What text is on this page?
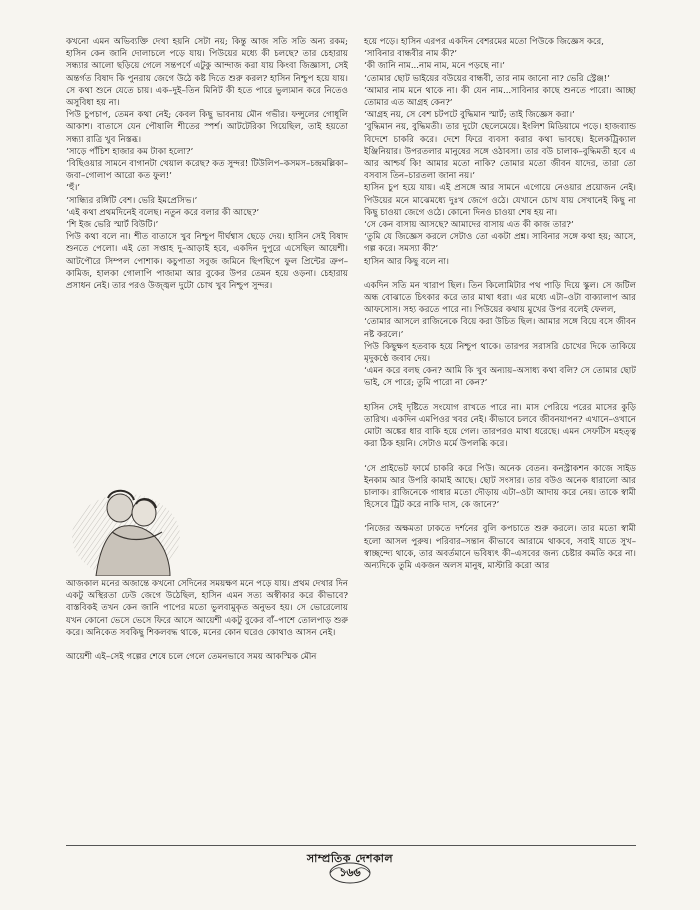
কখনো এমন অভিব্যক্তি দেখা হয়নি সেটা নয়; কিন্তু আজ সতি সতি অন্য রকম; হাসিন কেন জানি দোলাচলে পড়ে যায়। পিউয়ের মধ্যে কী চলছে? তার চেহারায় সন্ধ্যার আলো ছড়িয়ে গেলে সন্তপর্ণে এটুকু আন্দাজ করা যায় কিংবা জিজ্ঞাসা, সেই অন্তর্গত বিষাদ কি পুনরায় জেগে উঠে কষ্ট দিতে শুরু করল? হাসিন নিশ্চুপ হয়ে যায়। সে কথা শুনে যেতে চায়। এক–দুই–তিন মিনিট কী হতে পারে ভুল্যমান করে নিতেও অসুবিধা হয় না।

পিউ চুপচাপ, তেমন কথা নেই; কেবল কিছু ভাবনায় মৌন গভীর। ফন্সুলের গোধূলি আকাশ। বাতাসে যেন পৌষালি শীতের স্পর্শ। আটটেরিকা গিয়েছিল, তাই হয়তো সন্ধ্যা রাত্রি খুব নিস্তব্ধ।

‘সাড়ে পাঁচিশ হাজার কম টাকা হলো?’

‘বিছিওয়ার সামনে বাগানটা খেয়াল করেছ? কত সুন্দর! টিউলিপ–কসমস–চন্দ্রমল্লিকা–জবা–গোলাপ আরো কত ফুল!’

‘হুঁ।’

‘সান্ধ্যির রঙ্গিটি বেশ। ভেরি ইমপ্রেসিভ।’

‘এই কথা প্রথমদিনেই বলেছ। নতুন করে বলার কী আছে?’

‘শি ইজ ভেরি স্মার্ট বিউটি।’

পিউ কথা বলে না। শীত বাতাসে খুব নিশ্চুপ দীর্ঘশ্বাস ছেড়ে দেয়। হাসিন সেই বিষাদ শুনতে পেলো। এই তো সপ্তাহ দু–আড়াই হবে, একদিন দুপুরে এসেছিল আয়েশী। আটপৌরে সিম্পল পোশাক। কচুপাতা সবুজ জমিনে ছিপছিপে ফুল প্রিন্টের ত্রুপ–কামিজ, হালকা গোলাপি পাজামা আর বুকের উপর তেমন হয়ে ওড়না। চেহারায় প্রসাধন নেই। তার পরও উজ্জ্বল দুটো চোখ খুব নিশ্চুপ সুন্দর।

আজকাল মনের অজান্তে কখনো সেদিনের সময়ক্ষণ মনে পড়ে যায়। প্রথম দেখার দিন একটু অস্থিরতা ঢেউ জেগে উঠেছিল, হাসিন এমন সত্য অস্বীকার করে কীভাবে? বাস্তবিকই তখন কেন জানি পাপের মতো ভুলবামুকৃত অনুভব হয়। সে ভোরেলোয় যখন কোনো ভেসে ভেসে ফিরে আসে আয়েশী একটু বুকের বাঁ–পাশে তোলপাড় শুরু করে। অনিকেত সবকিছু শিকলবদ্ধ থাকে, মনের কোন ঘরেও কোথাও আসন নেই।

আয়েশী এই–সেই গল্পের শেষে চলে গেলে তেমনভাবে সময় আকস্মিক মৌন

হয়ে পড়ে। হাসিন এরপর একদিন বেশরমের মতো পিউকে জিজ্ঞেস করে,

‘সাবিনার বান্ধবীর নাম কী?’

‘কী জানি নাম...নাম নাম, মনে পড়ছে না।’

‘তোমার ছোট ভাইয়ের বউয়ের বান্ধবী, তার নাম জানো না? ভেরি স্ট্রেঞ্জ!’

‘আমার নাম মনে থাকে না। কী যেন নাম...সাবিনার কাছে শুনতে পারো। আচ্ছা তোমার এত আগ্রহ কেন?’

‘আগ্রহ নয়, সে বেশ চটপটে বুদ্ধিমান স্মার্ট; তাই জিজ্ঞেস করা।’

‘বুদ্ধিমান নয়, বুদ্ধিমতী। তার দুটো ছেলেমেয়ে। ইংলিশ মিডিয়ামে পড়ে। হাজব্যান্ড বিদেশে চাকরি করে। দেশে ফিরে ব্যবসা করার কথা ভাবছে। ইলেকট্রিক্যাল ইঞ্জিনিয়ার। উপরতলার মানুষের সঙ্গে ওঠাবসা। তার বউ চালাক–বুদ্ধিমতী হবে এ আর আশ্চর্য কি! আমার মতো নাকি? তোমার মতো জীবন যাদের, তারা তো বসবাস তিন–চারতলা জানা নয়।’

হাসিন চুপ হয়ে যায়। এই প্রসঙ্গে আর সামনে এগোয়ে নেওয়ার প্রয়োজন নেই। পিউয়ের মনে মাঝেমধ্যে দুঃখ জেগে ওঠে। যেখানে চোখ যায় সেখানেই কিছু না কিছু চাওয়া জেগে ওঠে। কোনো দিনও চাওয়া শেষ হয় না।

‘সে কেন বাসায় আসছে? আমাদের বাসায় এত কী কাজ তার?’

‘তুমি যে জিজ্ঞেস করলে সেটাও তো একটা প্রশ্ন। সাবিনার সঙ্গে কথা হয়; আসে, গল্প করে। সমস্যা কী?’

হাসিন আর কিছু বলে না।

একদিন সতি মন খারাপ ছিল। তিন কিলোমিটার পথ পাড়ি দিয়ে স্কুল। সে জটিল অন্ধ বোঝাতে চিৎকার করে তার মাথা ধরা। এর মধ্যে এটা–ওটা বাক্যালাপ আর আফসোস। সহ্য করতে পারে না। পিউয়ের কথায় মুখের উপর বলেই ফেলল,

‘তোমার আসলে রাজিনেকে বিয়ে করা উচিত ছিল। আমার সঙ্গে বিয়ে বসে জীবন নষ্ট করলে।’

পিউ কিছুক্ষণ হতবাক হয়ে নিশ্চুপ থাকে। তারপর সরাসরি চোখের দিকে তাকিয়ে মৃদুকণ্ঠে জবাব দেয়।

‘এমন করে বলছ কেন? আমি কি খুব অন্যায়–অসাধ্য কথা বলি? সে তোমার ছোট ভাই, সে পারে; তুমি পারো না কেন?’

হাসিন সেই দৃষ্টিতে সংযোগ রাখতে পারে না। মাস পেরিয়ে পরের মাসের কুড়ি তারিখ। একদিন এমপিওর খবর নেই। কীভাবে চলবে জীবনযাপন? এখানে–ওখানে মোটা অঙ্কের ধার বাকি হয়ে গেল। তারপরও মাথা ধরেছে। এমন সেফটিস মহত্ত্ব করা ঠিক হয়নি। সেটাও মর্মে উপলব্ধি করে।

‘সে প্রাইভেট ফার্মে চাকরি করে পিউ। অনেক বেতন। কনস্ট্রাকশন কাজে সাইড ইনকাম আর উপরি কামাই আছে। ছোট সংসার। তার বউও অনেক ধারালো আর চালাক। রাজিনেকে গাধার মতো দৌড়ায় এটা–ওটা আদায় করে নেয়। তাকে স্বামী হিসেবে ট্রিট করে নাকি দাস, কে জানে?’

‘নিজের অক্ষমতা ঢাকতে দর্শনের বুলি কপচাতে শুরু করলে। তার মতো স্বামী হলো আসল পুরুষ। পরিবার–সন্তান কীভাবে আরামে থাকবে, সবাই যাতে সুখ–স্বাচ্ছন্দ্যে থাকে, তার অবর্তমানে ভবিষ্যৎ কী–এসবের জন্য চেষ্টার কমতি করে না। অন্যদিকে তুমি একজন অলস মানুষ, মাস্টারি করো আর

সাম্প্রতিক দেশকাল
১৬৬
